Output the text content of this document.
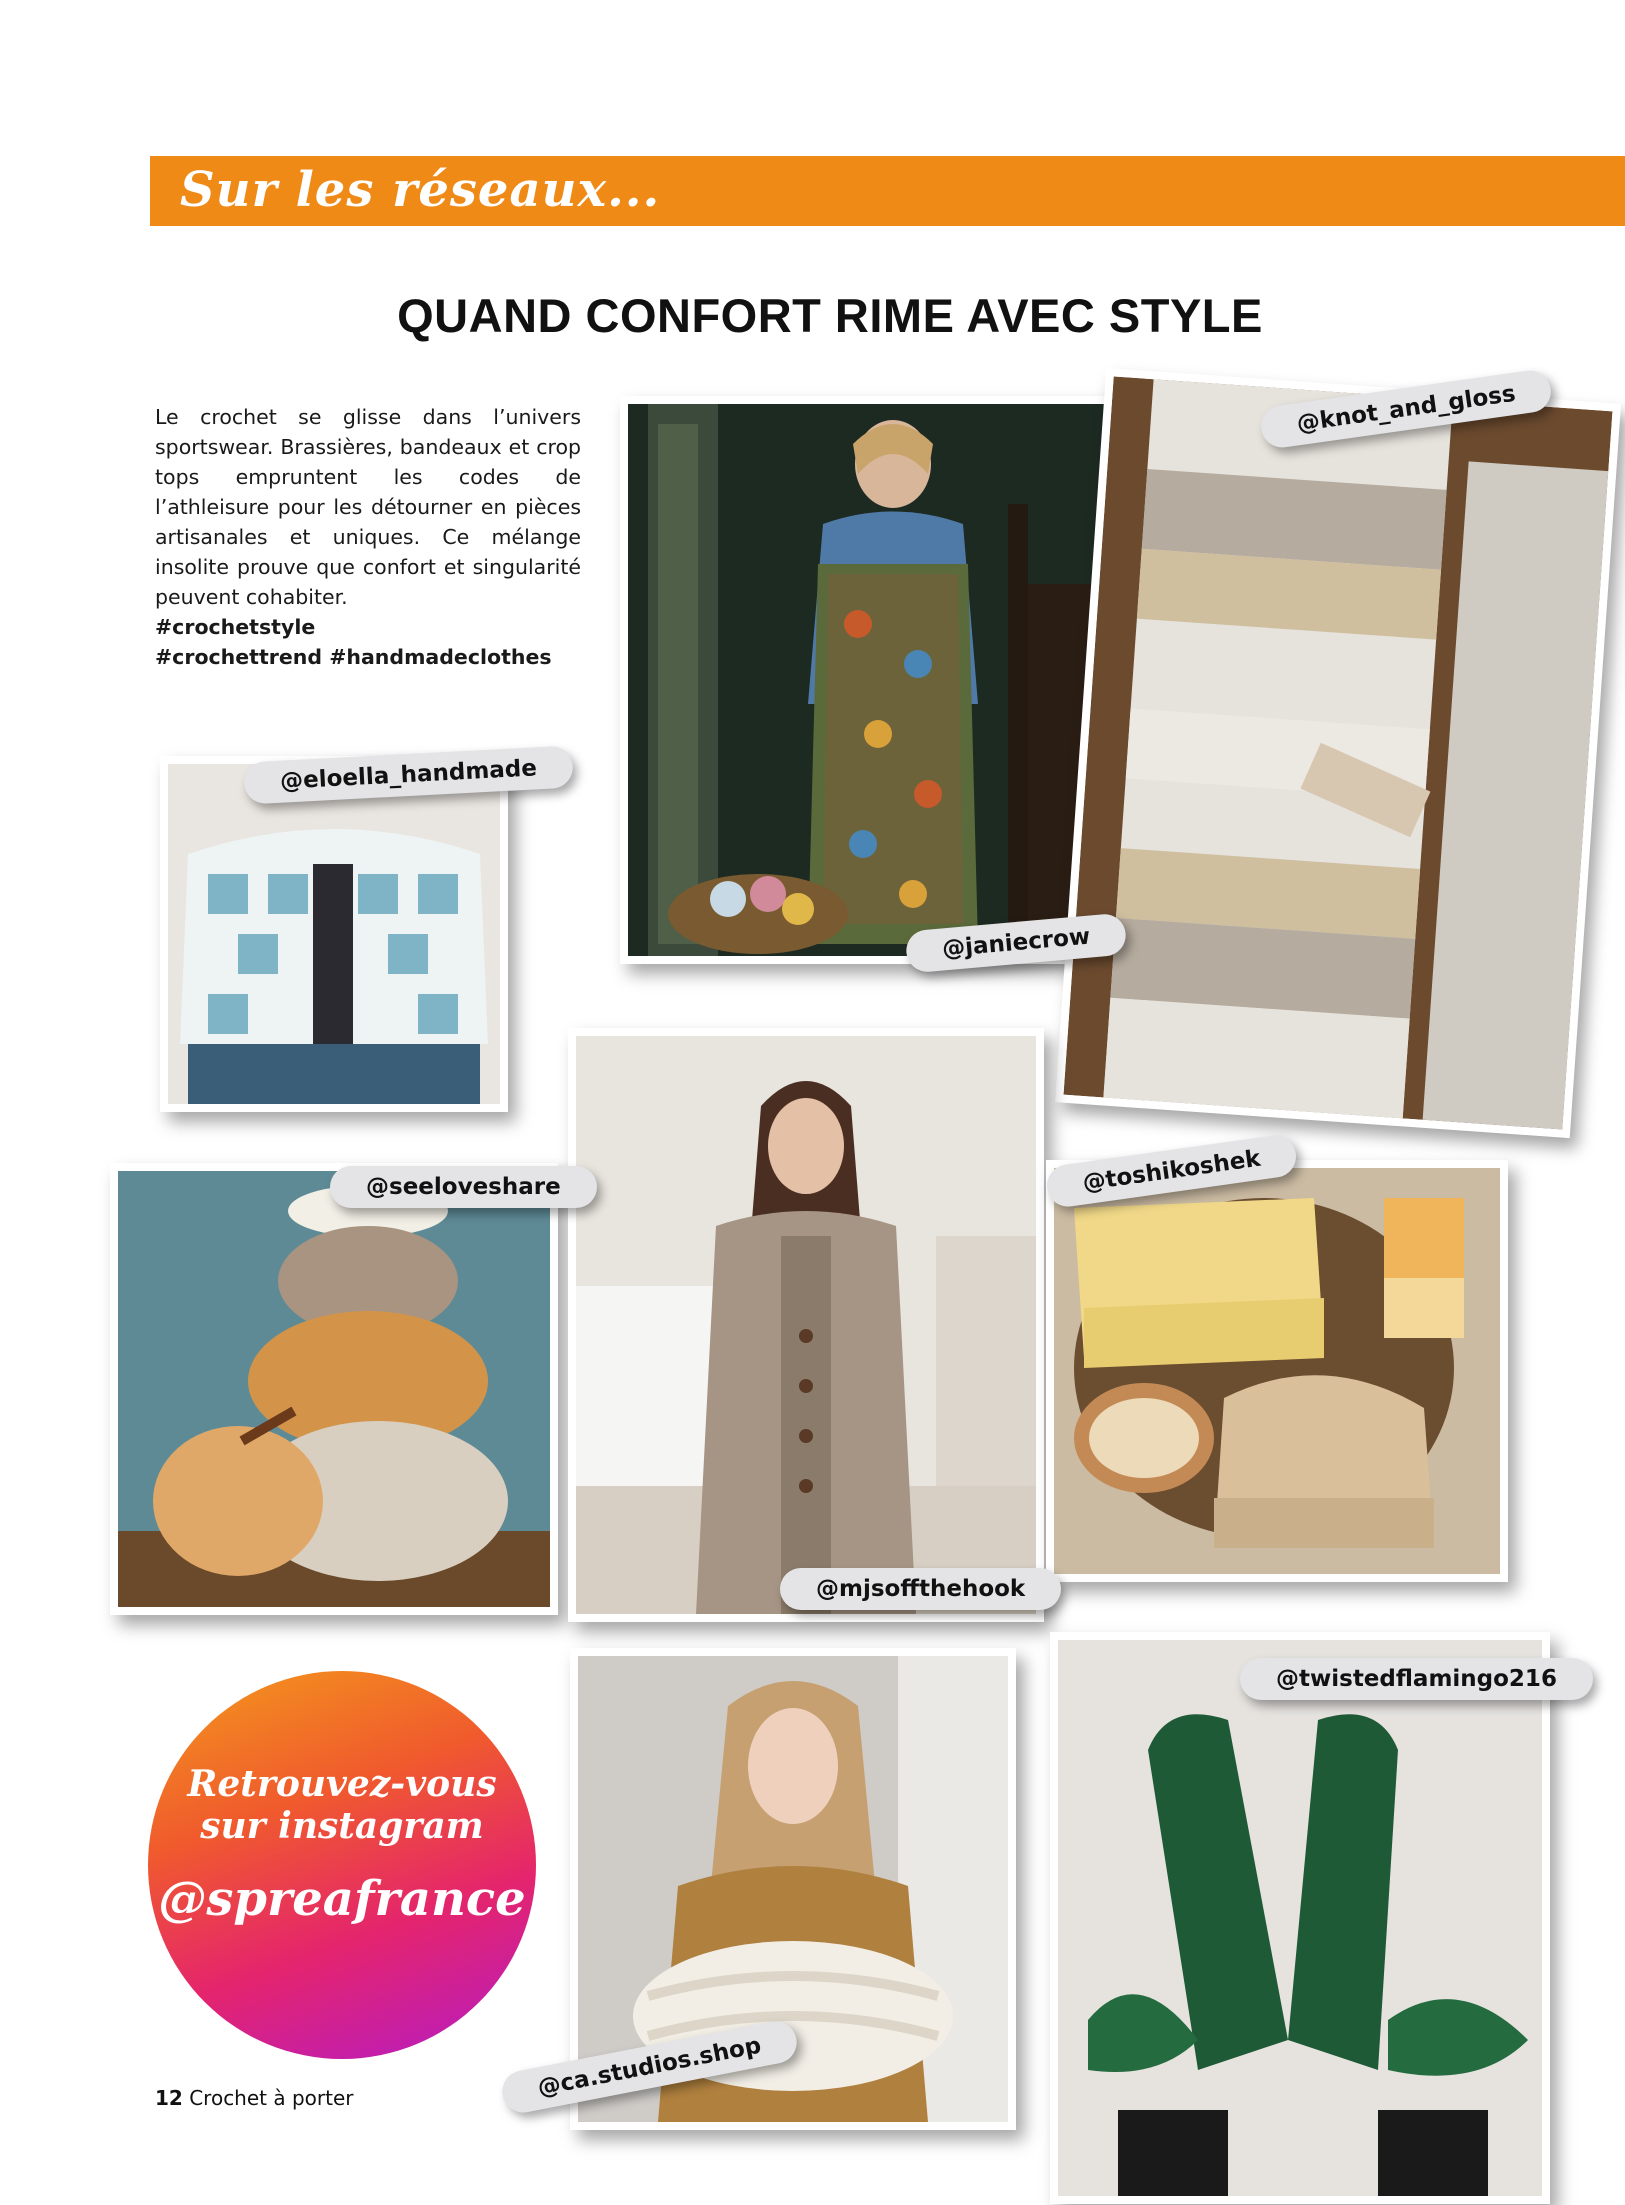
Sur les réseaux...
QUAND CONFORT RIME AVEC STYLE
Le crochet se glisse dans l’univers sportswear. Brassières, bandeaux et crop tops empruntent les codes de l’athleisure pour les détourner en pièces artisanales et uniques. Ce mélange insolite prouve que confort et singularité peuvent cohabiter.
#crochetstyle
#crochettrend #handmadeclothes
@janiecrow
@knot_and_gloss
@eloella_handmade
@seeloveshare
@mjsoffthehook
@toshikoshek
@twistedflamingo216
@ca.studios.shop
Retrouvez-vous
sur instagram
@spreafrance
12 Crochet à porter
